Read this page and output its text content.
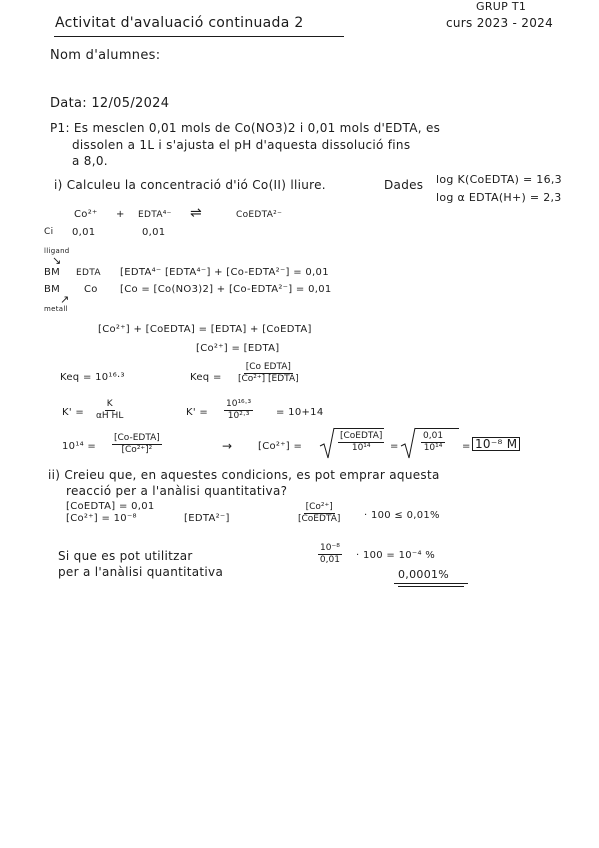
Activitat d'avaluació continuada 2
GRUP T1
curs 2023 - 2024
Nom d'alumnes:
Data: 12/05/2024
P1: Es mesclen 0,01 mols de Co(NO3)2 i 0,01 mols d'EDTA, es
dissolen a 1L i s'ajusta el pH d'aquesta dissolució fins
a 8,0.
i) Calculeu la concentració d'ió Co(II) lliure.	Dades log K(CoEDTA) = 16,3
log α EDTA(H+) = 2,3
Co²⁺ + EDTA⁴⁻ ⇌	CoEDTA²⁻
Ci 0,01	0,01
lligand
↘
BM EDTA [EDTA⁴⁻ [EDTA⁴⁻] + [Co-EDTA²⁻] = 0,01
BM Co [Co = [Co(NO3)2] + [Co-EDTA²⁻] = 0,01
↗
metall
[Co²⁺] + [CoEDTA] = [EDTA] + [CoEDTA]
[Co²⁺] = [EDTA]
Keq = 10¹⁶·³	Keq =
[Co EDTA]
[Co²⁺] [EDTA]
$K' = \frac{K}{\text{αH HL}}$	$K' = \frac{\text{10¹⁶·³}}{\text{10²·³}} = 10+14$
10¹⁴ =
[Co-EDTA]
[Co²⁺]²	→	[Co²⁺] =
[CoEDTA]
$10^{14} = \frac{0,01}{\text{10¹⁴}} = 10^{-8}$ M
ii) Creieu que, en aquestes condicions, es pot emprar aquesta
reacció per a l'anàlisi quantitativa?
[CoEDTA] = 0,01
[Co²⁺] = 10⁻⁸	[EDTA²⁻]
[Co²⁺]
[CoEDTA] · 100 ≤ 0,01%
Si que es pot utilitzar
per a l'anàlisi quantitativa
$\frac{\text{10⁻⁸}}{0,01} \cdot 100 = 10^{-4}$ %
0,0001%
